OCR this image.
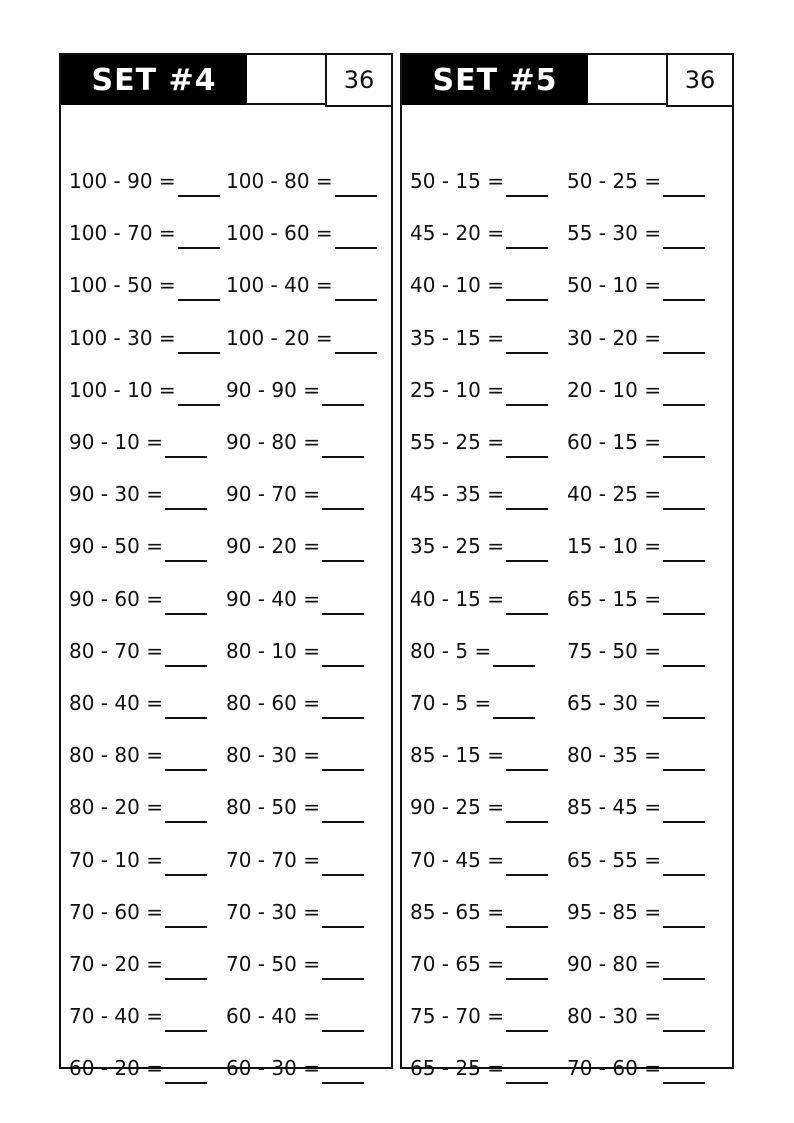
SET #4	36
100 - 90 =	100 - 80 =
100 - 70 =	100 - 60 =
100 - 50 =	100 - 40 =
100 - 30 =	100 - 20 =
100 - 10 =	90 - 90 =
90 - 10 =	90 - 80 =
90 - 30 =	90 - 70 =
90 - 50 =	90 - 20 =
90 - 60 =	90 - 40 =
80 - 70 =	80 - 10 =
80 - 40 =	80 - 60 =
80 - 80 =	80 - 30 =
80 - 20 =	80 - 50 =
70 - 10 =	70 - 70 =
70 - 60 =	70 - 30 =
70 - 20 =	70 - 50 =
70 - 40 =	60 - 40 =
60 - 20 =	60 - 30 =
SET #5	36
50 - 15 =	50 - 25 =
45 - 20 =	55 - 30 =
40 - 10 =	50 - 10 =
35 - 15 =	30 - 20 =
25 - 10 =	20 - 10 =
55 - 25 =	60 - 15 =
45 - 35 =	40 - 25 =
35 - 25 =	15 - 10 =
40 - 15 =	65 - 15 =
80 - 5 =	75 - 50 =
70 - 5 =	65 - 30 =
85 - 15 =	80 - 35 =
90 - 25 =	85 - 45 =
70 - 45 =	65 - 55 =
85 - 65 =	95 - 85 =
70 - 65 =	90 - 80 =
75 - 70 =	80 - 30 =
65 - 25 =	70 - 60 =
